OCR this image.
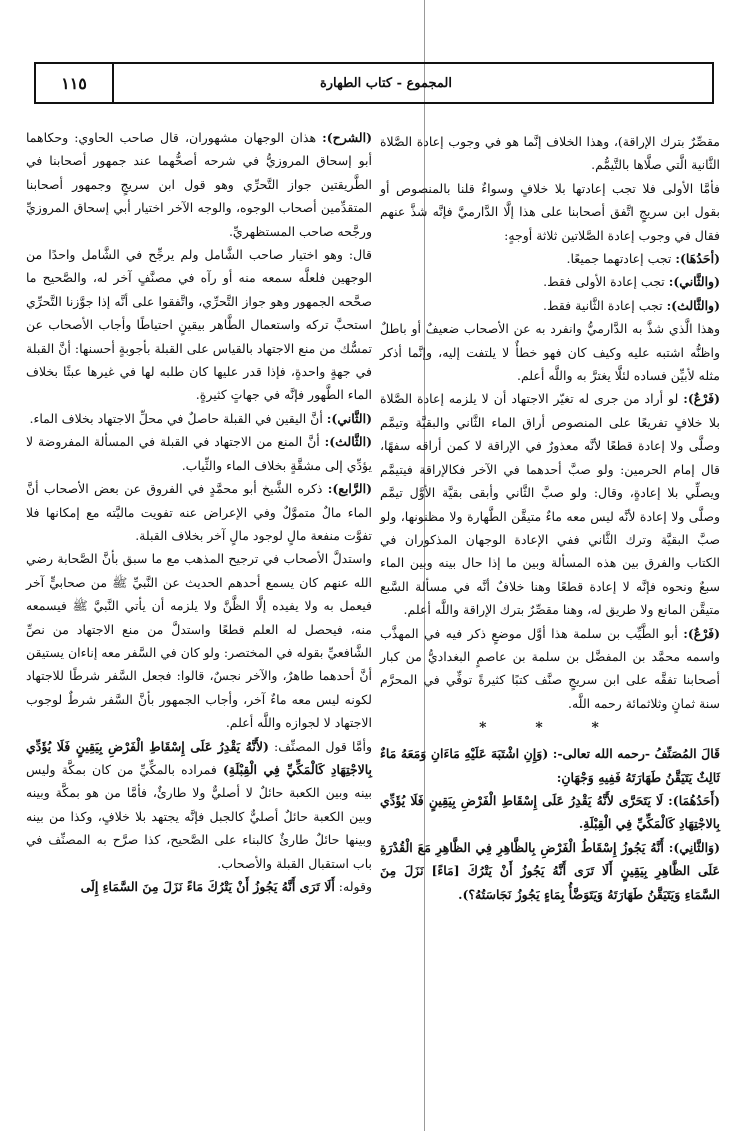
١١٥	المجموع - كتاب الطهارة

مقصِّرٌ بترك الإراقة)، وهذا الخلاف إنَّما هو في وجوب إعادة الصَّلاة الثَّانية الَّتي صلَّاها بالتَّيمُّم.

فأمَّا الأولى فلا تجب إعادتها بلا خلافٍ وسواءٌ قلنا بالمنصوص أو بقول ابن سريجٍ اتَّفق أصحابنا على هذا إلَّا الدَّارميَّ فإنَّه شذَّ عنهم فقال في وجوب إعادة الصَّلاتين ثلاثة أوجهٍ:

(أحَدُهَا): تجب إعادتهما جميعًا.

(والثَّاني): تجب إعادة الأولى فقط.

(والثَّالث): تجب إعادة الثَّانية فقط.

وهذا الَّذي شذَّ به الدَّارميُّ وانفرد به عن الأصحاب ضعيفٌ أو باطلٌ واظنُّه اشتبه عليه وكيف كان فهو خطأٌ لا يلتفت إليه، وإنَّما أذكر مثله لأبيِّن فساده لئلَّا يغترَّ به واللَّه أعلم.

(فَرْعٌ): لو أراد من جرى له تغيّر الاجتهاد أن لا يلزمه إعادة الصَّلاة بلا خلافٍ تفريعًا على المنصوص أراق الماء الثَّاني والبقيَّة وتيمَّم وصلَّى ولا إعادة قطعًا لأنَّه معذورٌ في الإراقة لا كمن أراقه سفهًا، قال إمام الحرمين: ولو صبَّ أحدهما في الآخر فكالإراقة فيتيمَّم ويصلِّي بلا إعادةٍ، وقال: ولو صبَّ الثَّاني وأبقى بقيَّة الأوَّل تيمَّم وصلَّى ولا إعادة لأنَّه ليس معه ماءٌ متيقَّن الطَّهارة ولا مظنونها، ولو صبَّ البقيَّة وترك الثَّاني ففي الإعادة الوجهان المذكوران في الكتاب والفرق بين هذه المسألة وبين ما إذا حال بينه وبين الماء سبعٌ ونحوه فإنَّه لا إعادة قطعًا وهنا خلافٌ أنَّه في مسألة السَّبع متيقَّن المانع ولا طريق له، وهنا مقصِّرٌ بترك الإراقة واللَّه أعلم.

(فَرْعٌ): أبو الطَّيِّب بن سلمة هذا أوَّل موضعٍ ذكر فيه في المهذَّب واسمه محمَّد بن المفضَّل بن سلمة بن عاصمٍ البغداديُّ من كبار أصحابنا تفقَّه على ابن سريجٍ صنَّف كتبًا كثيرةً توفِّي في المحرَّم سنة ثمانٍ وثلاثمائة رحمه اللَّه.

* * *

قَالَ المُصَنِّفُ -رحمه الله تعالى-: (وَإِنِ اشْتَبَهَ عَلَيْهِ مَاءَانِ وَمَعَهُ مَاءٌ ثَالِثٌ يَتَيَقَّنُ طَهَارَتَهُ فَفِيهِ وَجْهَانِ:

(أَحَدُهُمَا): لَا يَتَحَرَّى لأَنَّهُ يَقْدِرُ عَلَى إِسْقَاطِ الْفَرْضِ بِيَقِينٍ فَلَا يُؤَدِّي بِالاجْتِهَادِ كَالْمَكِّيِّ فِي الْقِبْلَةِ.

(وَالثَّانِي): أَنَّهُ يَجُوزُ إِسْقَاطُ الْفَرْضِ بِالظَّاهِرِ فِي الظَّاهِرِ مَعَ الْقُدْرَةِ عَلَى الظَّاهِرِ بِيَقِينٍ أَلَا تَرَى أَنَّهُ يَجُوزُ أَنْ يَتْرُكَ [مَاءً] نَزَلَ مِنَ السَّمَاءِ وَيَتَيَقَّنُ طَهَارَتَهُ وَيَتَوَضَّأُ بِمَاءٍ يَجُوزُ نَجَاسَتُهُ؟).

(الشرح): هذان الوجهان مشهوران، قال صاحب الحاوي: وحكاهما أبو إسحاق المروزيُّ في شرحه أصحُّهما عند جمهور أصحابنا في الطَّريقتين جواز التَّحرِّي وهو قول ابن سريجٍ وجمهور أصحابنا المتقدِّمين أصحاب الوجوه، والوجه الآخر اختيار أبي إسحاق المروزيِّ ورجَّحه صاحب المستظهريِّ.

قال: وهو اختيار صاحب الشَّامل ولم يرجِّح في الشَّامل واحدًا من الوجهين فلعلَّه سمعه منه أو رآه في مصنَّفٍ آخر له، والصَّحيح ما صحَّحه الجمهور وهو جواز التَّحرِّي، واتَّفقوا على أنَّه إذا جوَّزنا التَّحرِّي استحبَّ تركه واستعمال الطَّاهر بيقينٍ احتياطًا وأجاب الأصحاب عن تمسُّك من منع الاجتهاد بالقياس على القبلة بأجوبةٍ أحسنها: أنَّ القبلة في جهةٍ واحدةٍ، فإذا قدر عليها كان طلبه لها في غيرها عبثًا بخلاف الماء الطَّهور فإنَّه في جهاتٍ كثيرةٍ.

(الثَّاني): أنَّ اليقين في القبلة حاصلٌ في محلِّ الاجتهاد بخلاف الماء.

(الثَّالث): أنَّ المنع من الاجتهاد في القبلة في المسألة المفروضة لا يؤدِّي إلى مشقَّةٍ بخلاف الماء والثِّياب.

(الرَّابع): ذكره الشَّيخ أبو محمَّدٍ في الفروق عن بعض الأصحاب أنَّ الماء مالٌ متموَّلٌ وفي الإعراض عنه تفويت ماليَّته مع إمكانها فلا تفوَّت منفعة مالٍ لوجود مالٍ آخر بخلاف القبلة.

واستدلَّ الأصحاب في ترجيح المذهب مع ما سبق بأنَّ الصَّحابة رضي الله عنهم كان يسمع أحدهم الحديث عن النَّبيِّ ﷺ من صحابيٍّ آخر فيعمل به ولا يفيده إلَّا الظَّنَّ ولا يلزمه أن يأتي النَّبيَّ ﷺ فيسمعه منه، فيحصل له العلم قطعًا واستدلَّ من منع الاجتهاد من نصِّ الشَّافعيِّ بقوله في المختصر: ولو كان في السَّفر معه إناءان يستيقن أنَّ أحدهما طاهرٌ، والآخر نجسٌ، قالوا: فجعل السَّفر شرطًا للاجتهاد لكونه ليس معه ماءٌ آخر، وأجاب الجمهور بأنَّ السَّفر شرطٌ لوجوب الاجتهاد لا لجوازه واللَّه أعلم.

وأمَّا قول المصنِّف: (لأَنَّهُ يَقْدِرُ عَلَى إِسْقَاطِ الْفَرْضِ بِيَقِينٍ فَلَا يُؤَدِّي بِالاجْتِهَادِ كَالْمَكِّيِّ فِي الْقِبْلَةِ) فمراده بالمكِّيِّ من كان بمكَّة وليس بينه وبين الكعبة حائلٌ لا أصليٌّ ولا طارئٌ، فأمَّا من هو بمكَّة وبينه وبين الكعبة حائلٌ أصليٌّ كالجبل فإنَّه يجتهد بلا خلافٍ، وكذا من بينه وبينها حائلٌ طارئٌ كالبناء على الصَّحيح، كذا صرَّح به المصنِّف في باب استقبال القبلة والأصحاب.

وقوله: أَلَا تَرَى أَنَّهُ يَجُوزُ أَنْ يَتْرُكَ مَاءً نَزَلَ مِنَ السَّمَاءِ إِلَى
